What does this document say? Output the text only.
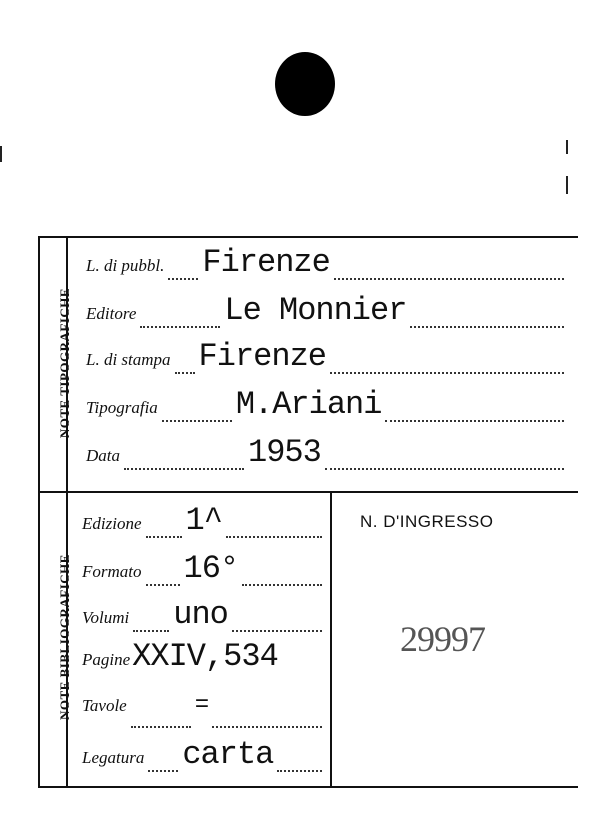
NOTE TIPOGRAFICHE
NOTE BIBLIOGRAFICHE
L. di pubbl. Firenze
Editore	Le Monnier
L. di stampa Firenze
Tipografia M.Ariani
Data	1953
Edizione 1^
Formato 16°
Volumi uno
Pagine XXIV,534
Tavole	=
Legatura carta
N. D'INGRESSO
29997
